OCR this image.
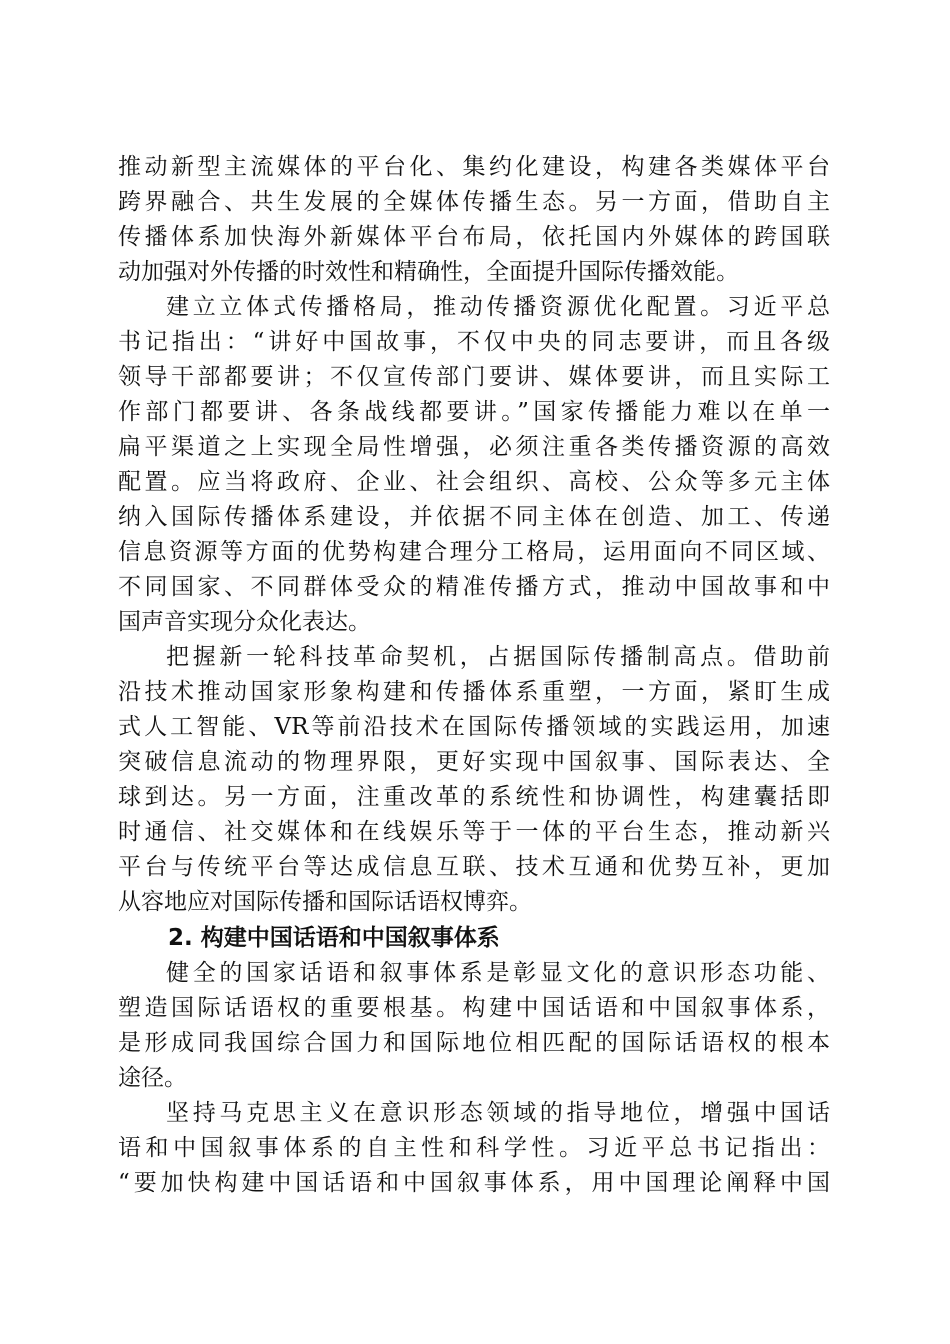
推动新型主流媒体的平台化、集约化建设，构建各类媒体平台
跨界融合、共生发展的全媒体传播生态。另一方面，借助自主
传播体系加快海外新媒体平台布局，依托国内外媒体的跨国联
动加强对外传播的时效性和精确性，全面提升国际传播效能。
建立立体式传播格局，推动传播资源优化配置。习近平总
书记指出：“讲好中国故事，不仅中央的同志要讲，而且各级
领导干部都要讲；不仅宣传部门要讲、媒体要讲，而且实际工
作部门都要讲、各条战线都要讲。”国家传播能力难以在单一
扁平渠道之上实现全局性增强，必须注重各类传播资源的高效
配置。应当将政府、企业、社会组织、高校、公众等多元主体
纳入国际传播体系建设，并依据不同主体在创造、加工、传递
信息资源等方面的优势构建合理分工格局，运用面向不同区域、
不同国家、不同群体受众的精准传播方式，推动中国故事和中
国声音实现分众化表达。
把握新一轮科技革命契机，占据国际传播制高点。借助前
沿技术推动国家形象构建和传播体系重塑，一方面，紧盯生成
式人工智能、VR等前沿技术在国际传播领域的实践运用，加速
突破信息流动的物理界限，更好实现中国叙事、国际表达、全
球到达。另一方面，注重改革的系统性和协调性，构建囊括即
时通信、社交媒体和在线娱乐等于一体的平台生态，推动新兴
平台与传统平台等达成信息互联、技术互通和优势互补，更加
从容地应对国际传播和国际话语权博弈。
2. 构建中国话语和中国叙事体系
健全的国家话语和叙事体系是彰显文化的意识形态功能、
塑造国际话语权的重要根基。构建中国话语和中国叙事体系，
是形成同我国综合国力和国际地位相匹配的国际话语权的根本
途径。
坚持马克思主义在意识形态领域的指导地位，增强中国话
语和中国叙事体系的自主性和科学性。习近平总书记指出：
“要加快构建中国话语和中国叙事体系，用中国理论阐释中国
